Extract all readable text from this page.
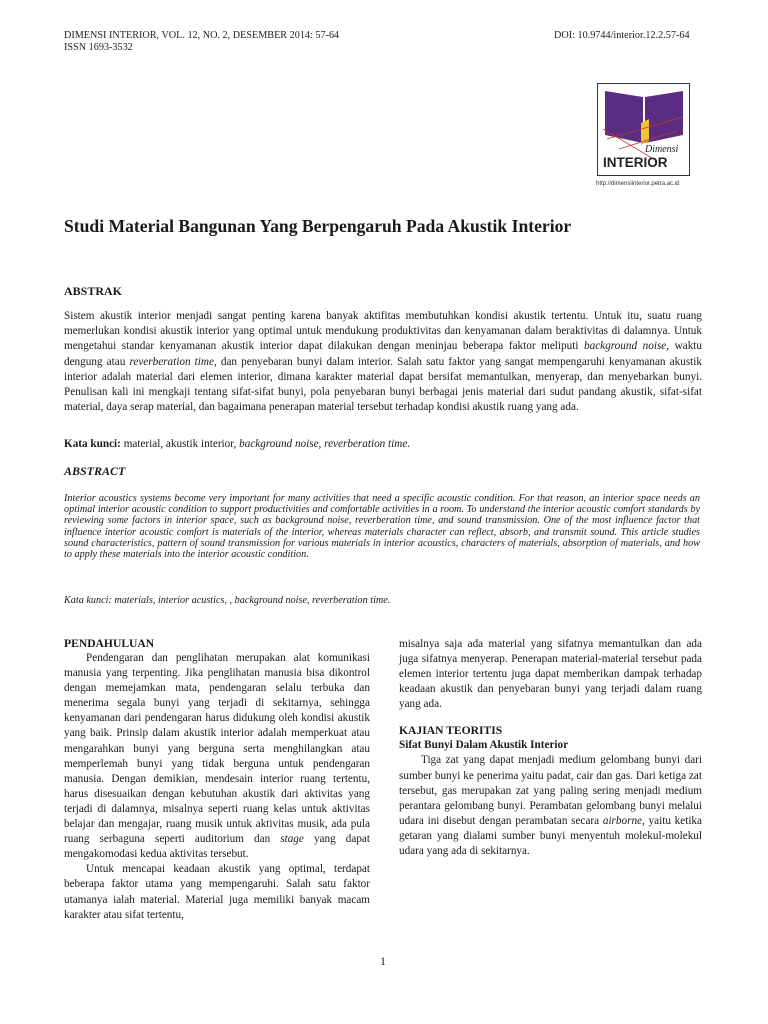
DIMENSI INTERIOR, VOL. 12, NO. 2, DESEMBER 2014: 57-64
ISSN 1693-3532
DOI: 10.9744/interior.12.2.57-64
Dimensi
INTERIOR
http://dimensiinterior.petra.ac.id
Studi Material Bangunan Yang Berpengaruh Pada Akustik Interior
ABSTRAK
Sistem akustik interior menjadi sangat penting karena banyak aktifitas membutuhkan kondisi akustik tertentu. Untuk itu, suatu ruang memerlukan kondisi akustik interior yang optimal untuk mendukung produktivitas dan kenyamanan dalam beraktivitas di dalamnya. Untuk mengetahui standar kenyamanan akustik interior dapat dilakukan dengan meninjau beberapa faktor meliputi background noise, waktu dengung atau reverberation time, dan penyebaran bunyi dalam interior. Salah satu faktor yang sangat mempengaruhi kenyamanan akustik interior adalah material dari elemen interior, dimana karakter material dapat bersifat memantulkan, menyerap, dan menyebarkan bunyi. Penulisan kali ini mengkaji tentang sifat-sifat bunyi, pola penyebaran bunyi berbagai jenis material dari sudut pandang akustik, sifat-sifat material, daya serap material, dan bagaimana penerapan material tersebut terhadap kondisi akustik ruang yang ada.
Kata kunci: material, akustik interior, background noise, reverberation time.
ABSTRACT
Interior acoustics systems become very important for many activities that need a specific acoustic condition. For that reason, an interior space needs an optimal interior acoustic condition to support productivities and comfortable activities in a room. To understand the interior acoustic comfort standards by reviewing some factors in interior space, such as background noise, reverberation time, and sound transmission. One of the most influence factor that influence interior acoustic comfort is materials of the interior, whereas materials character can reflect, absorb, and transmit sound. This article studies sound characteristics, pattern of sound transmission for various materials in interior acoustics, characters of materials, absorption of materials, and how to apply these materials into the interior acoustic condition.
Kata kunci: materials, interior acustics, , background noise, reverberation time.

PENDAHULUAN

Pendengaran dan penglihatan merupakan alat komunikasi manusia yang terpenting. Jika penglihatan manusia bisa dikontrol dengan memejamkan mata, pendengaran selalu terbuka dan menerima segala bunyi yang terjadi di sekitarnya, sehingga kenyamanan dari pendengaran harus didukung oleh kondisi akustik yang baik. Prinsip dalam akustik interior adalah memperkuat atau mengarahkan bunyi yang berguna serta menghilangkan atau memperlemah bunyi yang tidak berguna untuk pendengaran manusia. Dengan demikian, mendesain interior ruang tertentu, harus disesuaikan dengan kebutuhan akustik dari aktivitas yang terjadi di dalamnya, misalnya seperti ruang kelas untuk aktivitas belajar dan mengajar, ruang musik untuk aktivitas musik, ada pula ruang serbaguna seperti auditorium dan stage yang dapat mengakomodasi kedua aktivitas tersebut.

Untuk mencapai keadaan akustik yang optimal, terdapat beberapa faktor utama yang mempengaruhi. Salah satu faktor utamanya ialah material. Material juga memiliki banyak macam karakter atau sifat tertentu,

misalnya saja ada material yang sifatnya memantulkan dan ada juga sifatnya menyerap. Penerapan material-material tersebut pada elemen interior tertentu juga dapat memberikan dampak terhadap keadaan akustik dan penyebaran bunyi yang terjadi dalam ruang yang ada.

KAJIAN TEORITIS

Sifat Bunyi Dalam Akustik Interior

Tiga zat yang dapat menjadi medium gelombang bunyi dari sumber bunyi ke penerima yaitu padat, cair dan gas. Dari ketiga zat tersebut, gas merupakan zat yang paling sering menjadi medium perantara gelombang bunyi. Perambatan gelombang bunyi melalui udara ini disebut dengan perambatan secara airborne, yaitu ketika getaran yang dialami sumber bunyi menyentuh molekul-molekul udara yang ada di sekitarnya.

1
